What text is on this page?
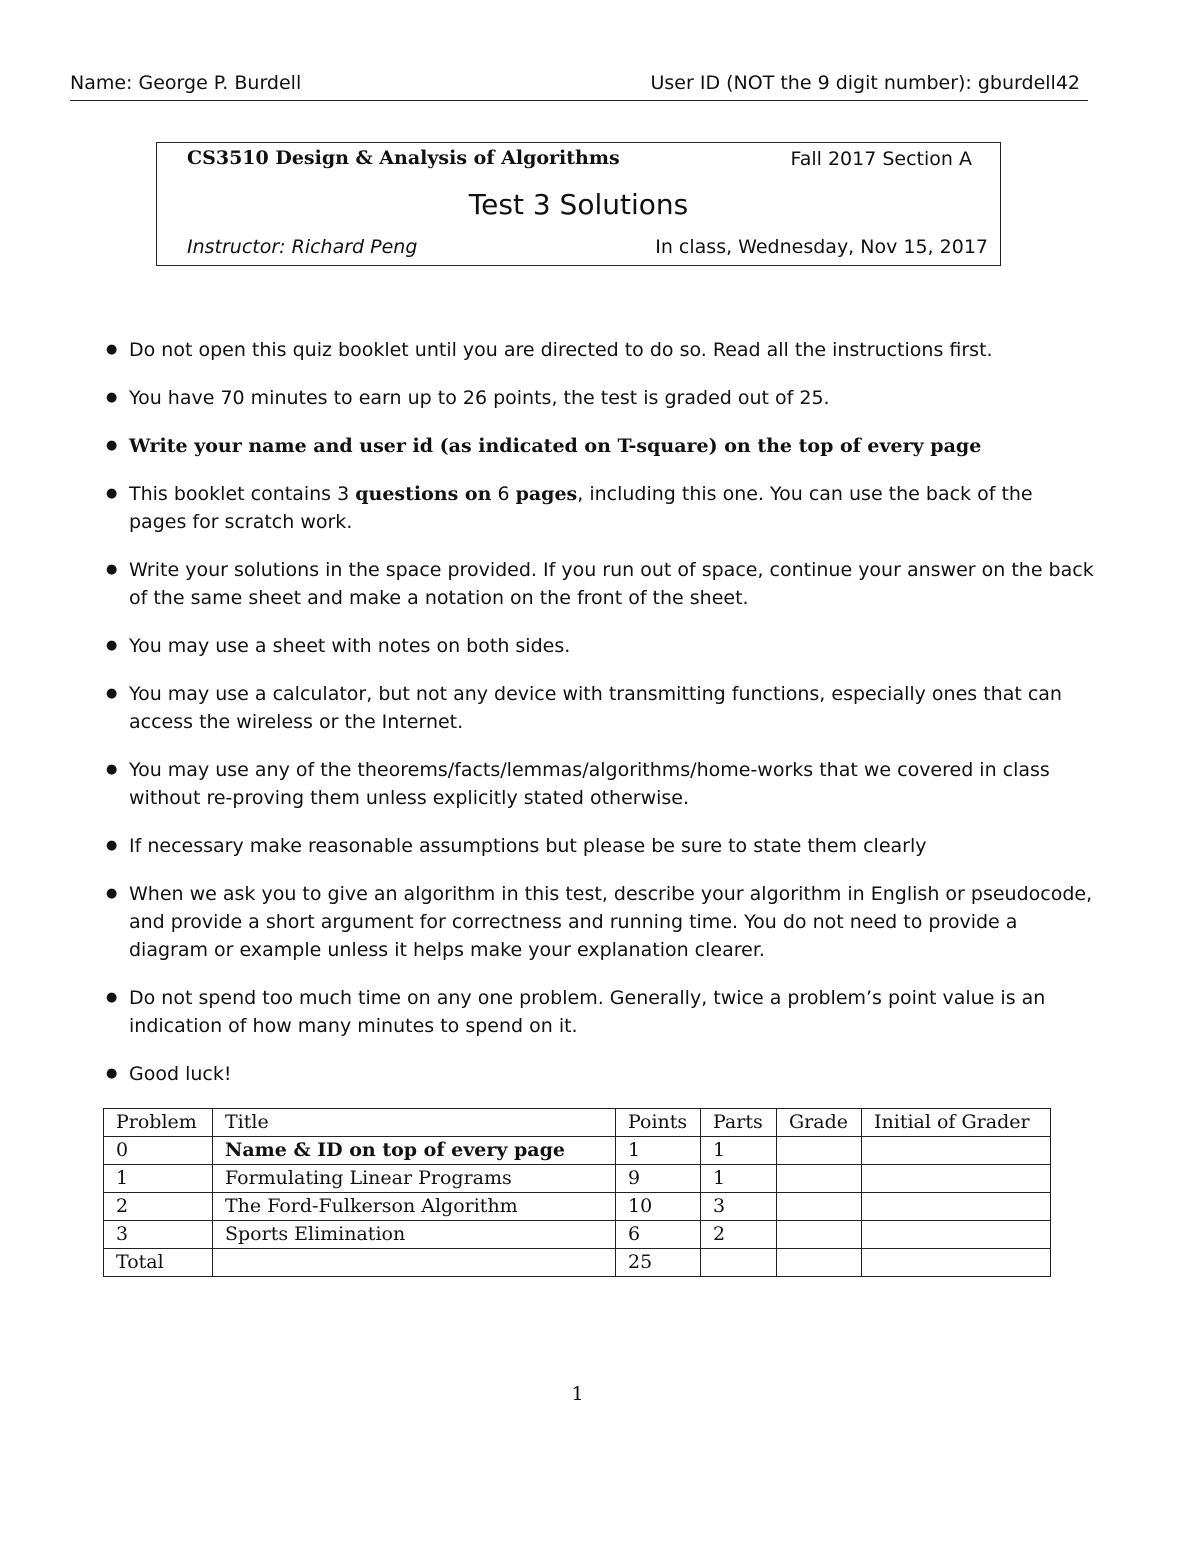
Name: George P. Burdell	User ID (NOT the 9 digit number): gburdell42
CS3510 Design & Analysis of Algorithms	Fall 2017 Section A
Test 3 Solutions
Instructor: Richard Peng	In class, Wednesday, Nov 15, 2017
● Do not open this quiz booklet until you are directed to do so. Read all the instructions first.
● You have 70 minutes to earn up to 26 points, the test is graded out of 25.
● Write your name and user id (as indicated on T-square) on the top of every page
● This booklet contains 3 questions on 6 pages, including this one. You can use the back of the pages for scratch work.
● Write your solutions in the space provided. If you run out of space, continue your answer on the back of the same sheet and make a notation on the front of the sheet.
● You may use a sheet with notes on both sides.
● You may use a calculator, but not any device with transmitting functions, especially ones that can access the wireless or the Internet.
● You may use any of the theorems/facts/lemmas/algorithms/home-works that we covered in class without re-proving them unless explicitly stated otherwise.
● If necessary make reasonable assumptions but please be sure to state them clearly
● When we ask you to give an algorithm in this test, describe your algorithm in English or pseudocode, and provide a short argument for correctness and running time. You do not need to provide a diagram or example unless it helps make your explanation clearer.
● Do not spend too much time on any one problem. Generally, twice a problem’s point value is an indication of how many minutes to spend on it.
● Good luck!
Problem	Title	Points	Parts	Grade	Initial of Grader
0	Name & ID on top of every page	1	1		
1	Formulating Linear Programs	9	1		
2	The Ford-Fulkerson Algorithm	10	3		
3	Sports Elimination	6	2		
Total		25			
1
